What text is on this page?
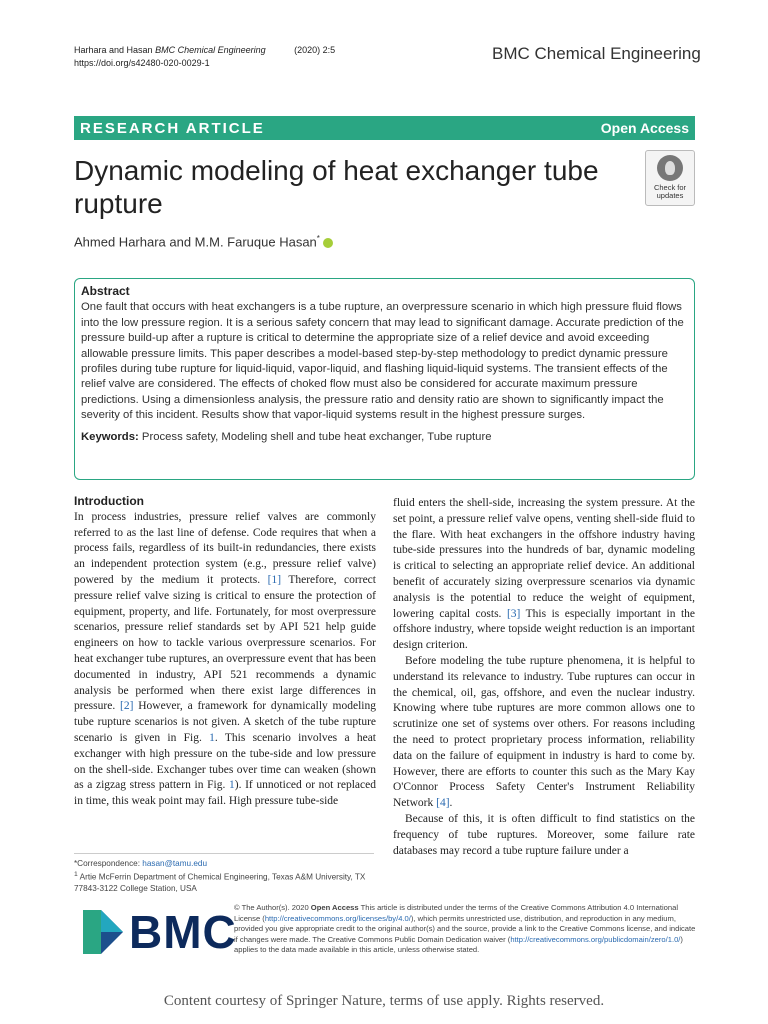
Harhara and Hasan BMC Chemical Engineering	(2020) 2:5
https://doi.org/s42480-020-0029-1	BMC Chemical Engineering
RESEARCH ARTICLE	Open Access
Dynamic modeling of heat exchanger tube rupture
Check for
updates
Ahmed Harhara and M.M. Faruque Hasan*
Abstract

One fault that occurs with heat exchangers is a tube rupture, an overpressure scenario in which high pressure fluid flows into the low pressure region. It is a serious safety concern that may lead to significant damage. Accurate prediction of the pressure build-up after a rupture is critical to determine the appropriate size of a relief device and avoid exceeding allowable pressure limits. This paper describes a model-based step-by-step methodology to predict dynamic pressure profiles during tube rupture for liquid-liquid, vapor-liquid, and flashing liquid-liquid systems. The transient effects of the relief valve are considered. The effects of choked flow must also be considered for accurate maximum pressure predictions. Using a dimensionless analysis, the pressure ratio and density ratio are shown to significantly impact the severity of this incident. Results show that vapor-liquid systems result in the highest pressure surges.

Keywords: Process safety, Modeling shell and tube heat exchanger, Tube rupture

Introduction

In process industries, pressure relief valves are commonly referred to as the last line of defense. Code requires that when a process fails, regardless of its built-in redundancies, there exists an independent protection system (e.g., pressure relief valve) powered by the medium it protects. [1] Therefore, correct pressure relief valve sizing is critical to ensure the protection of equipment, property, and life. Fortunately, for most overpressure scenarios, pressure relief standards set by API 521 help guide engineers on how to tackle various overpressure scenarios. For heat exchanger tube ruptures, an overpressure event that has been documented in industry, API 521 recommends a dynamic analysis be performed when there exist large differences in pressure. [2] However, a framework for dynamically modeling tube rupture scenarios is not given. A sketch of the tube rupture scenario is given in Fig. 1. This scenario involves a heat exchanger with high pressure on the tube-side and low pressure on the shell-side. Exchanger tubes over time can weaken (shown as a zigzag stress pattern in Fig. 1). If unnoticed or not replaced in time, this weak point may fail. High pressure tube-side

fluid enters the shell-side, increasing the system pressure. At the set point, a pressure relief valve opens, venting shell-side fluid to the flare. With heat exchangers in the offshore industry having tube-side pressures into the hundreds of bar, dynamic modeling is critical to selecting an appropriate relief device. An additional benefit of accurately sizing overpressure scenarios via dynamic analysis is the potential to reduce the weight of equipment, lowering capital costs. [3] This is especially important in the offshore industry, where topside weight reduction is an important design criterion.

Before modeling the tube rupture phenomena, it is helpful to understand its relevance to industry. Tube ruptures can occur in the chemical, oil, gas, offshore, and even the nuclear industry. Knowing where tube ruptures are more common allows one to scrutinize one set of systems over others. For reasons including the need to protect proprietary process information, reliability data on the failure of equipment in industry is hard to come by. However, there are efforts to counter this such as the Mary Kay O'Connor Process Safety Center's Instrument Reliability Network [4].

Because of this, it is often difficult to find statistics on the frequency of tube ruptures. Moreover, some failure rate databases may record a tube rupture failure under a

*Correspondence: hasan@tamu.edu
$^1$ Artie McFerrin Department of Chemical Engineering, Texas A&M University, TX 77843-3122 College Station, USA
BMC
© The Author(s). 2020 Open Access This article is distributed under the terms of the Creative Commons Attribution 4.0 International License (http://creativecommons.org/licenses/by/4.0/), which permits unrestricted use, distribution, and reproduction in any medium, provided you give appropriate credit to the original author(s) and the source, provide a link to the Creative Commons license, and indicate if changes were made. The Creative Commons Public Domain Dedication waiver (http://creativecommons.org/publicdomain/zero/1.0/) applies to the data made available in this article, unless otherwise stated.
Content courtesy of Springer Nature, terms of use apply. Rights reserved.
